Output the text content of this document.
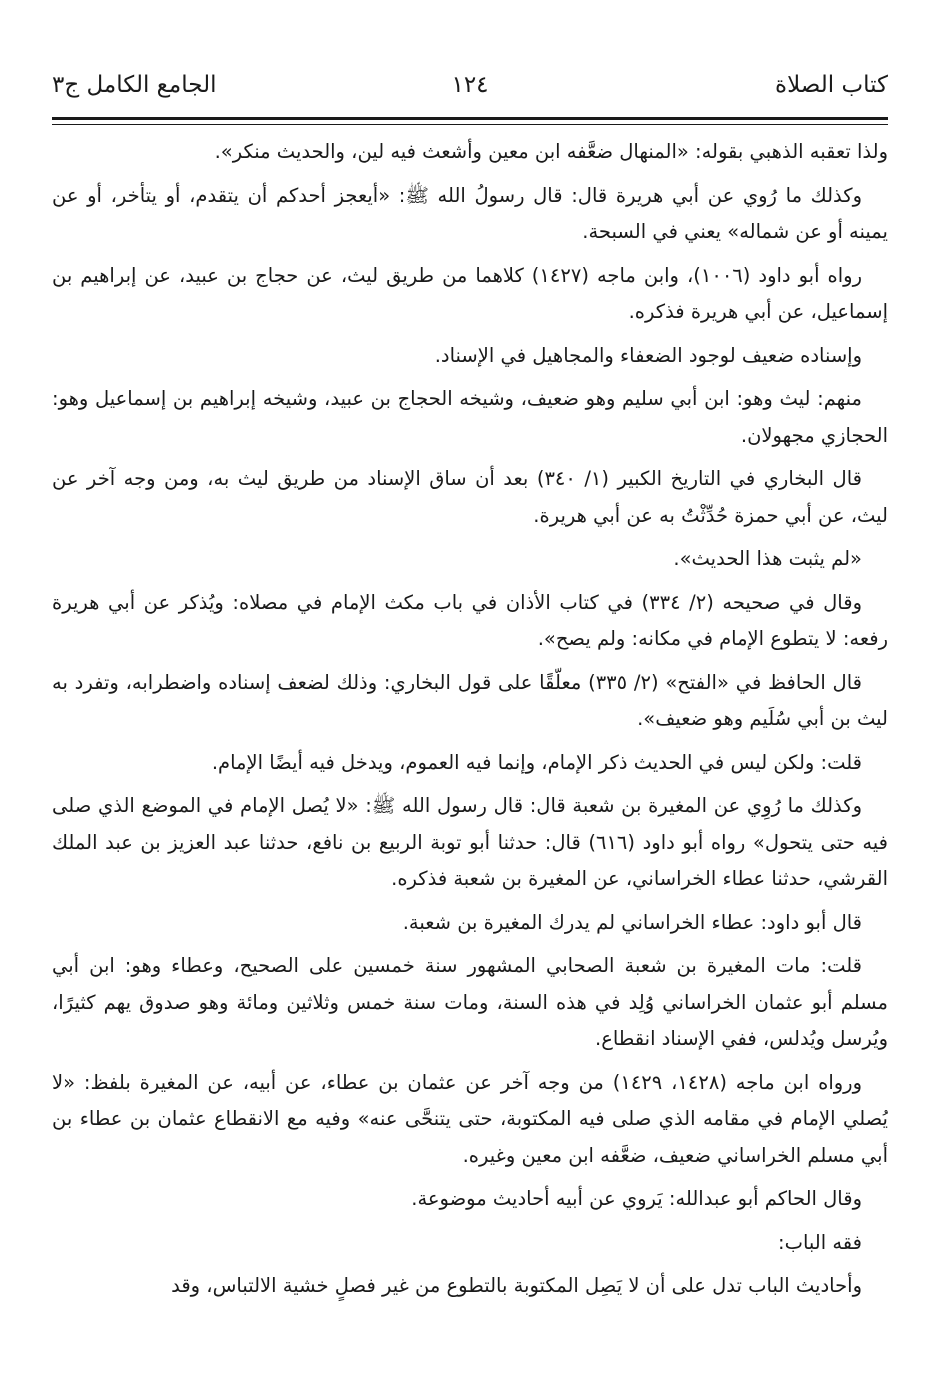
كتاب الصلاة
١٢٤
الجامع الكامل ج٣

ولذا تعقبه الذهبي بقوله: «المنهال ضعَّفه ابن معين وأشعث فيه لين، والحديث منكر».

وكذلك ما رُوي عن أبي هريرة قال: قال رسولُ الله ﷺ: «أيعجز أحدكم أن يتقدم، أو يتأخر، أو عن يمينه أو عن شماله» يعني في السبحة.

رواه أبو داود (١٠٠٦)، وابن ماجه (١٤٢٧) كلاهما من طريق ليث، عن حجاج بن عبيد، عن إبراهيم بن إسماعيل، عن أبي هريرة فذكره.

وإسناده ضعيف لوجود الضعفاء والمجاهيل في الإسناد.

منهم: ليث وهو: ابن أبي سليم وهو ضعيف، وشيخه الحجاج بن عبيد، وشيخه إبراهيم بن إسماعيل وهو: الحجازي مجهولان.

قال البخاري في التاريخ الكبير (١/ ٣٤٠) بعد أن ساق الإسناد من طريق ليث به، ومن وجه آخر عن ليث، عن أبي حمزة حُدِّثْتُ به عن أبي هريرة.

«لم يثبت هذا الحديث».

وقال في صحيحه (٢/ ٣٣٤) في كتاب الأذان في باب مكث الإمام في مصلاه: ويُذكر عن أبي هريرة رفعه: لا يتطوع الإمام في مكانه: ولم يصح».

قال الحافظ في «الفتح» (٢/ ٣٣٥) معلّقًا على قول البخاري: وذلك لضعف إسناده واضطرابه، وتفرد به ليث بن أبي سُلَيم وهو ضعيف».

قلت: ولكن ليس في الحديث ذكر الإمام، وإنما فيه العموم، ويدخل فيه أيضًا الإمام.

وكذلك ما رُوِي عن المغيرة بن شعبة قال: قال رسول الله ﷺ: «لا يُصل الإمام في الموضع الذي صلى فيه حتى يتحول» رواه أبو داود (٦١٦) قال: حدثنا أبو توبة الربيع بن نافع، حدثنا عبد العزيز بن عبد الملك القرشي، حدثنا عطاء الخراساني، عن المغيرة بن شعبة فذكره.

قال أبو داود: عطاء الخراساني لم يدرك المغيرة بن شعبة.

قلت: مات المغيرة بن شعبة الصحابي المشهور سنة خمسين على الصحيح، وعطاء وهو: ابن أبي مسلم أبو عثمان الخراساني وُلِد في هذه السنة، ومات سنة خمس وثلاثين ومائة وهو صدوق يهم كثيرًا، ويُرسل ويُدلس، ففي الإسناد انقطاع.

ورواه ابن ماجه (١٤٢٨، ١٤٢٩) من وجه آخر عن عثمان بن عطاء، عن أبيه، عن المغيرة بلفظ: «لا يُصلي الإمام في مقامه الذي صلى فيه المكتوبة، حتى يتنحَّى عنه» وفيه مع الانقطاع عثمان بن عطاء بن أبي مسلم الخراساني ضعيف، ضعَّفه ابن معين وغيره.

وقال الحاكم أبو عبدالله: يَروي عن أبيه أحاديث موضوعة.

فقه الباب:

وأحاديث الباب تدل على أن لا يَصِل المكتوبة بالتطوع من غير فصلٍ خشية الالتباس، وقد
